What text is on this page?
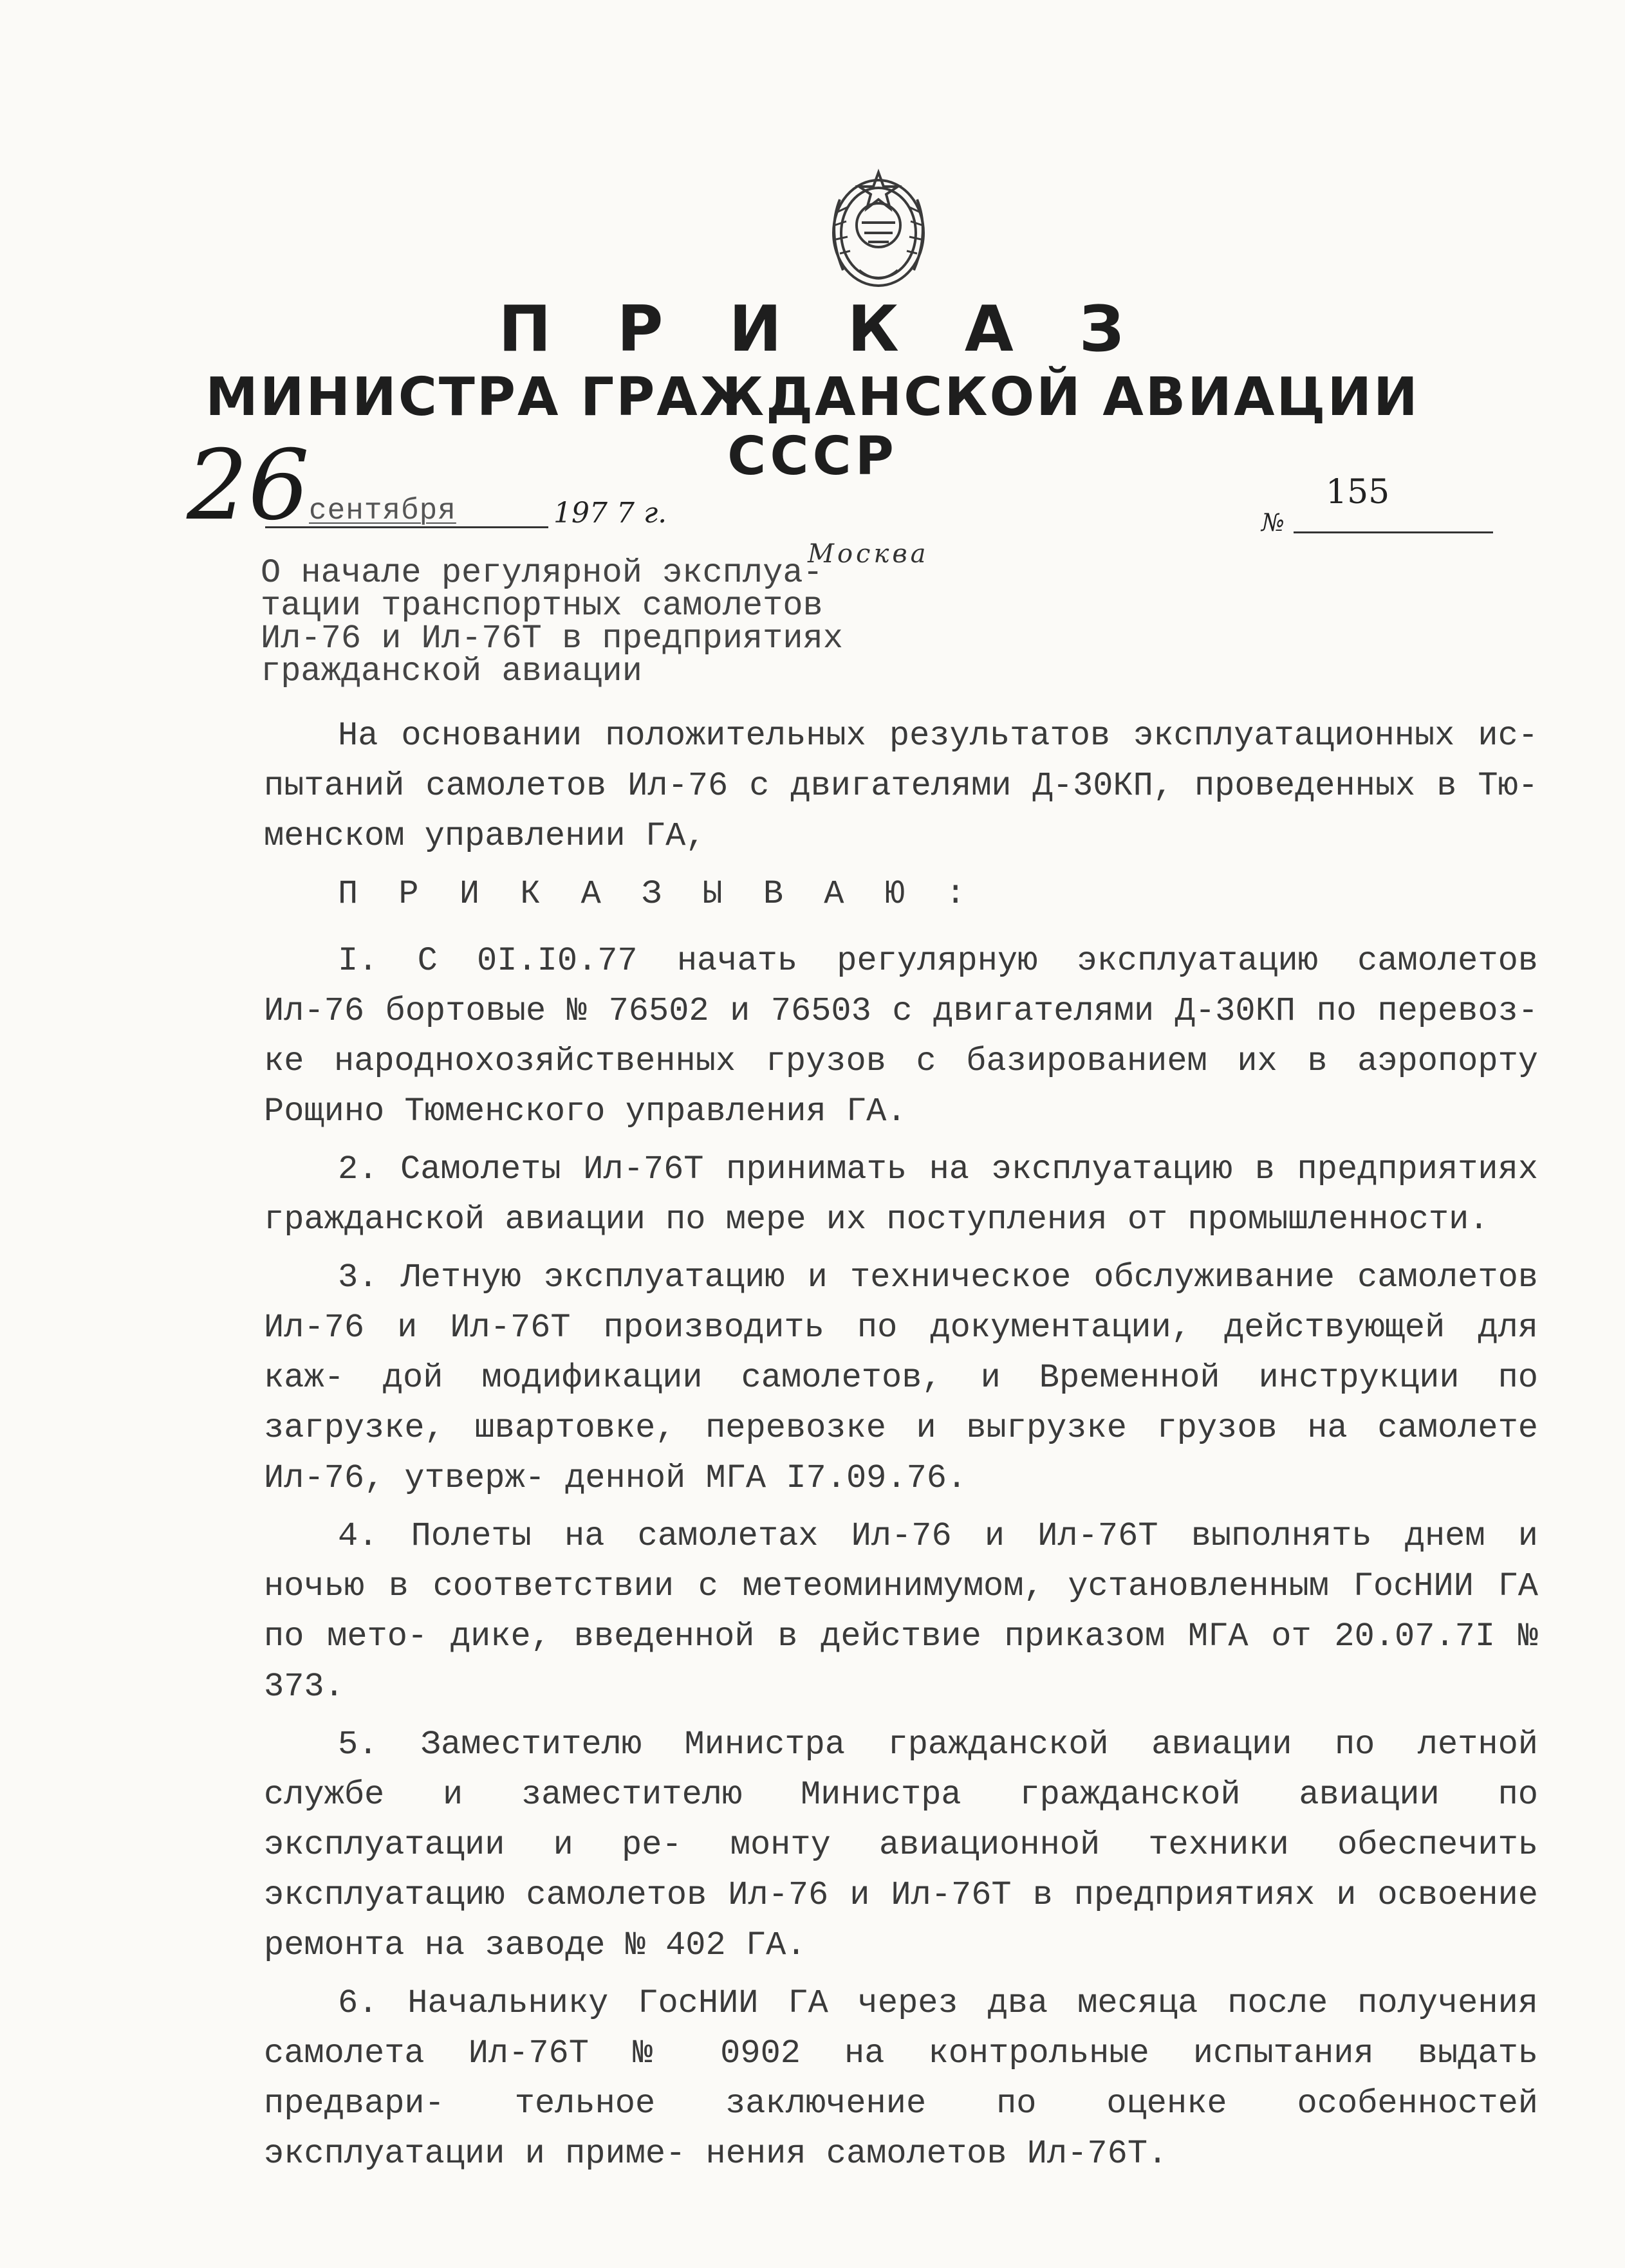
П Р И К А З
МИНИСТРА ГРАЖДАНСКОЙ АВИАЦИИ
СССР
26 сентября	197 7 г.
155
№
Москва
О начале регулярной эксплуа-
тации транспортных самолетов
Ил-76 и Ил-76Т в предприятиях
гражданской авиации

На основании положительных результатов эксплуатационных ис- пытаний самолетов Ил-76 с двигателями Д-30КП, проведенных в Тю- менском управлении ГА,

П Р И К А З Ы В А Ю :

I. С 0I.I0.77 начать регулярную эксплуатацию самолетов Ил-76 бортовые № 76502 и 76503 с двигателями Д-30КП по перевоз- ке народнохозяйственных грузов с базированием их в аэропорту Рощино Тюменского управления ГА.

2. Самолеты Ил-76Т принимать на эксплуатацию в предприятиях гражданской авиации по мере их поступления от промышленности.

3. Летную эксплуатацию и техническое обслуживание самолетов Ил-76 и Ил-76Т производить по документации, действующей для каж- дой модификации самолетов, и Временной инструкции по загрузке, швартовке, перевозке и выгрузке грузов на самолете Ил-76, утверж- денной МГА I7.09.76.

4. Полеты на самолетах Ил-76 и Ил-76Т выполнять днем и ночью в соответствии с метеоминимумом, установленным ГосНИИ ГА по мето- дике, введенной в действие приказом МГА от 20.07.7I № 373.

5. Заместителю Министра гражданской авиации по летной службе и заместителю Министра гражданской авиации по эксплуатации и ре- монту авиационной техники обеспечить эксплуатацию самолетов Ил-76 и Ил-76Т в предприятиях и освоение ремонта на заводе № 402 ГА.

6. Начальнику ГосНИИ ГА через два месяца после получения самолета Ил-76Т № 0902 на контрольные испытания выдать предвари- тельное заключение по оценке особенностей эксплуатации и приме- нения самолетов Ил-76Т.
